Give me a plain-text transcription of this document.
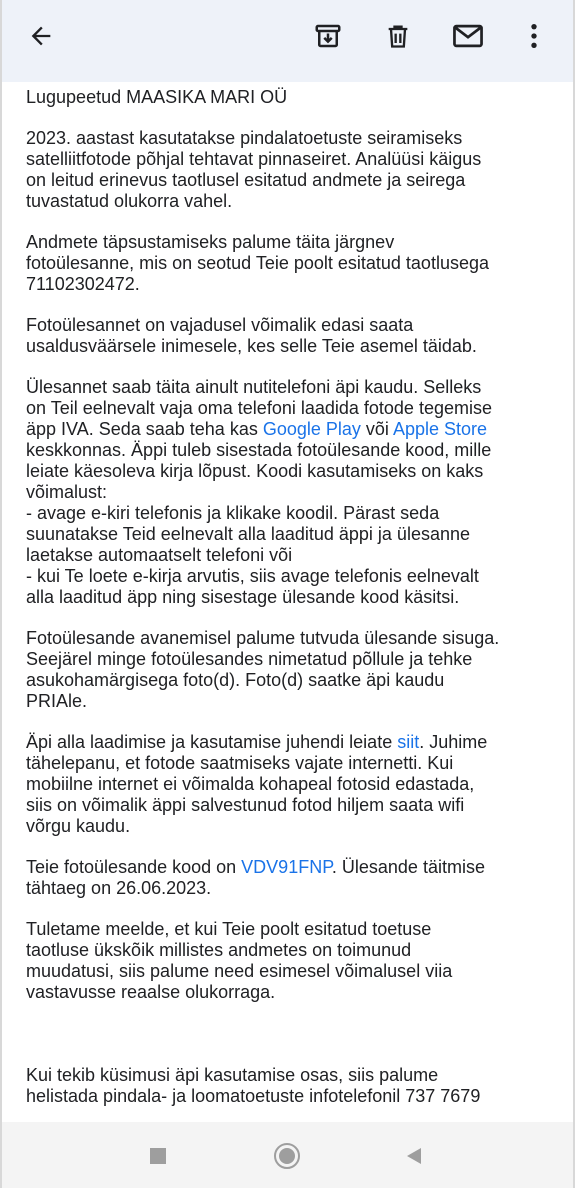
Lugupeetud MAASIKA MARI OÜ

2023. aastast kasutatakse pindalatoetuste seiramiseks
satelliitfotode põhjal tehtavat pinnaseiret. Analüüsi käigus
on leitud erinevus taotlusel esitatud andmete ja seirega
tuvastatud olukorra vahel.

Andmete täpsustamiseks palume täita järgnev
fotoülesanne, mis on seotud Teie poolt esitatud taotlusega
71102302472.

Fotoülesannet on vajadusel võimalik edasi saata
usaldusväärsele inimesele, kes selle Teie asemel täidab.

Ülesannet saab täita ainult nutitelefoni äpi kaudu. Selleks
on Teil eelnevalt vaja oma telefoni laadida fotode tegemise
äpp IVA. Seda saab teha kas Google Play või Apple Store
keskkonnas. Äppi tuleb sisestada fotoülesande kood, mille
leiate käesoleva kirja lõpust. Koodi kasutamiseks on kaks
võimalust:
- avage e-kiri telefonis ja klikake koodil. Pärast seda
suunatakse Teid eelnevalt alla laaditud äppi ja ülesanne
laetakse automaatselt telefoni või
- kui Te loete e-kirja arvutis, siis avage telefonis eelnevalt
alla laaditud äpp ning sisestage ülesande kood käsitsi.

Fotoülesande avanemisel palume tutvuda ülesande sisuga.
Seejärel minge fotoülesandes nimetatud põllule ja tehke
asukohamärgisega foto(d). Foto(d) saatke äpi kaudu
PRIAle.

Äpi alla laadimise ja kasutamise juhendi leiate siit. Juhime
tähelepanu, et fotode saatmiseks vajate internetti. Kui
mobiilne internet ei võimalda kohapeal fotosid edastada,
siis on võimalik äppi salvestunud fotod hiljem saata wifi
võrgu kaudu.

Teie fotoülesande kood on VDV91FNP. Ülesande täitmise
tähtaeg on 26.06.2023.

Tuletame meelde, et kui Teie poolt esitatud toetuse
taotluse ükskõik millistes andmetes on toimunud
muudatusi, siis palume need esimesel võimalusel viia
vastavusse reaalse olukorraga.

Kui tekib küsimusi äpi kasutamise osas, siis palume
helistada pindala- ja loomatoetuste infotelefonil 737 7679
